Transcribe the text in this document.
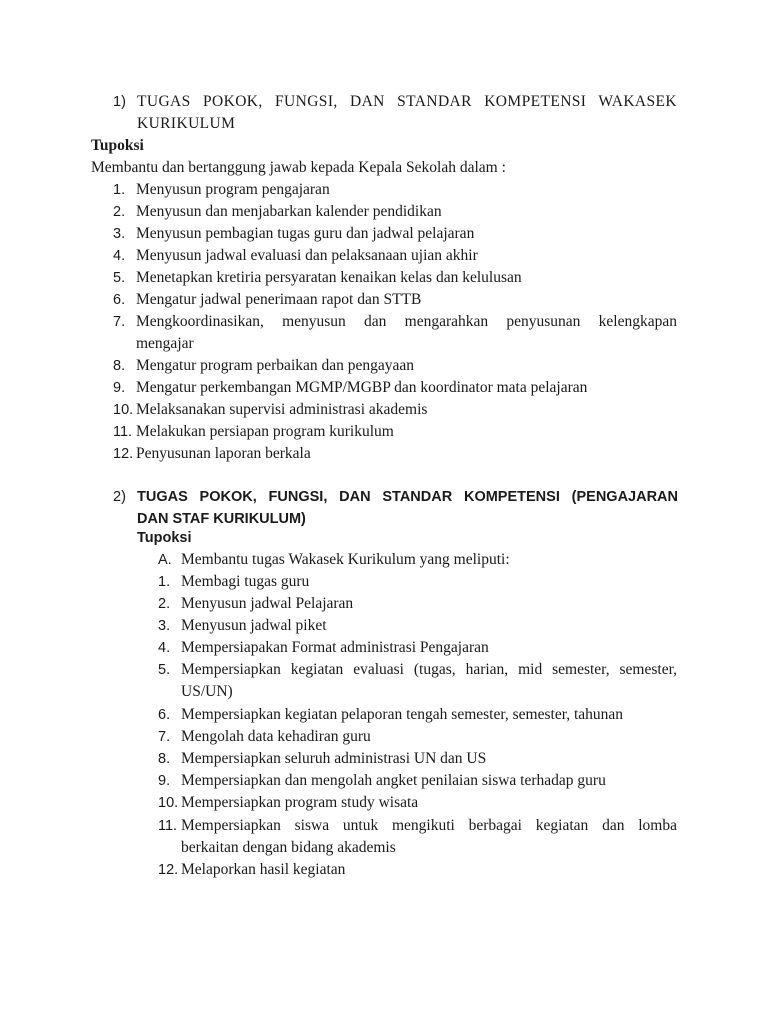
1) TUGAS POKOK, FUNGSI, DAN STANDAR KOMPETENSI WAKASEK
KURIKULUM
Tupoksi
Membantu dan bertanggung jawab kepada Kepala Sekolah dalam :
1. Menyusun program pengajaran
2. Menyusun dan menjabarkan kalender pendidikan
3. Menyusun pembagian tugas guru dan jadwal pelajaran
4. Menyusun jadwal evaluasi dan pelaksanaan ujian akhir
5. Menetapkan kretiria persyaratan kenaikan kelas dan kelulusan
6. Mengatur jadwal penerimaan rapot dan STTB
7. Mengkoordinasikan, menyusun dan mengarahkan penyusunan kelengkapan
mengajar
8. Mengatur program perbaikan dan pengayaan
9. Mengatur perkembangan MGMP/MGBP dan koordinator mata pelajaran
10. Melaksanakan supervisi administrasi akademis
11. Melakukan persiapan program kurikulum
12. Penyusunan laporan berkala
2) TUGAS POKOK, FUNGSI, DAN STANDAR KOMPETENSI (PENGAJARAN
DAN STAF KURIKULUM)
Tupoksi
A. Membantu tugas Wakasek Kurikulum yang meliputi:
1. Membagi tugas guru
2. Menyusun jadwal Pelajaran
3. Menyusun jadwal piket
4. Mempersiapakan Format administrasi Pengajaran
5. Mempersiapkan kegiatan evaluasi (tugas, harian, mid semester, semester,
US/UN)
6. Mempersiapkan kegiatan pelaporan tengah semester, semester, tahunan
7. Mengolah data kehadiran guru
8. Mempersiapkan seluruh administrasi UN dan US
9. Mempersiapkan dan mengolah angket penilaian siswa terhadap guru
10. Mempersiapkan program study wisata
11. Mempersiapkan siswa untuk mengikuti berbagai kegiatan dan lomba
berkaitan dengan bidang akademis
12. Melaporkan hasil kegiatan
